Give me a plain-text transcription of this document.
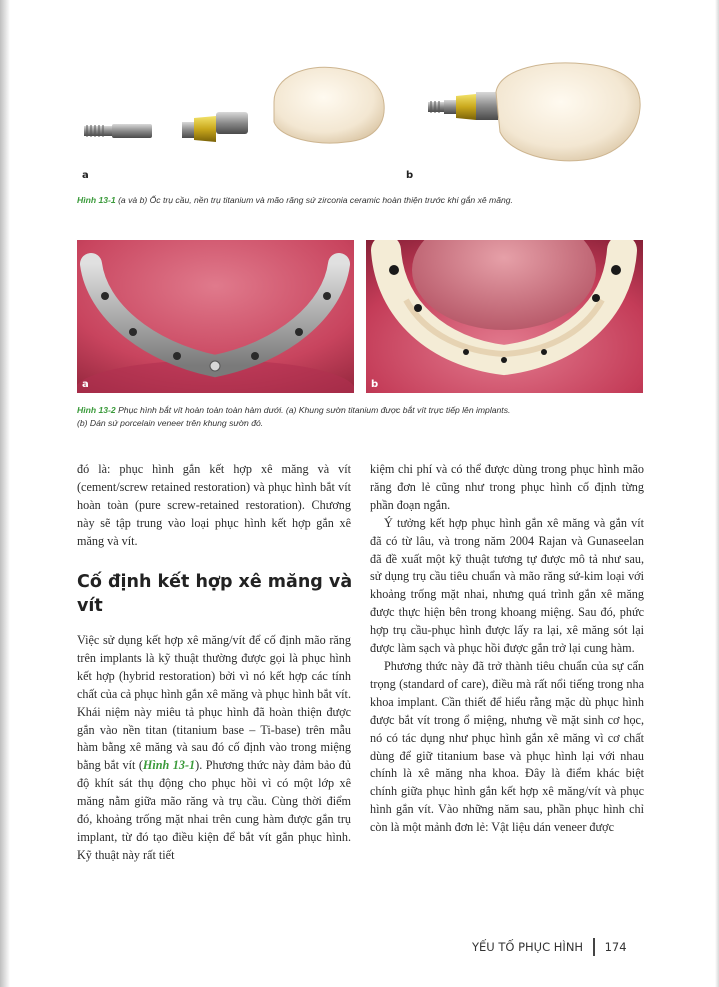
a	b
Hình 13-1 (a và b) Ốc trụ cầu, nền trụ titanium và mão răng sứ zirconia ceramic hoàn thiện trước khi gắn xê măng.
a	b
Hình 13-2 Phục hình bắt vít hoàn toàn toàn hàm dưới. (a) Khung sườn titanium được bắt vít trực tiếp lên implants.
(b) Dán sứ porcelain veneer trên khung sườn đó.

đó là: phục hình gắn kết hợp xê măng và vít (cement/screw retained restoration) và phục hình bắt vít hoàn toàn (pure screw-retained restoration). Chương này sẽ tập trung vào loại phục hình kết hợp gắn xê măng và vít.

Cố định kết hợp xê măng và vít

Việc sử dụng kết hợp xê măng/vít để cố định mão răng trên implants là kỹ thuật thường được gọi là phục hình kết hợp (hybrid restoration) bởi vì nó kết hợp các tính chất của cả phục hình gắn xê măng và phục hình bắt vít. Khái niệm này miêu tả phục hình đã hoàn thiện được gắn vào nền titan (titanium base – Ti-base) trên mẫu hàm bằng xê măng và sau đó cố định vào trong miệng bằng bắt vít (Hình 13-1). Phương thức này đảm bảo đủ độ khít sát thụ động cho phục hồi vì có một lớp xê măng nằm giữa mão răng và trụ cầu. Cùng thời điểm đó, khoảng trống mặt nhai trên cung hàm được gắn trụ implant, từ đó tạo điều kiện để bắt vít gắn phục hình. Kỹ thuật này rất tiết

kiệm chi phí và có thể được dùng trong phục hình mão răng đơn lẻ cũng như trong phục hình cố định từng phần đoạn ngắn.

Ý tưởng kết hợp phục hình gắn xê măng và gắn vít đã có từ lâu, và trong năm 2004 Rajan và Gunaseelan đã đề xuất một kỹ thuật tương tự được mô tả như sau, sử dụng trụ cầu tiêu chuẩn và mão răng sứ-kim loại với khoảng trống mặt nhai, nhưng quá trình gắn xê măng được thực hiện bên trong khoang miệng. Sau đó, phức hợp trụ cầu-phục hình được lấy ra lại, xê măng sót lại được làm sạch và phục hồi được gắn trở lại cung hàm.

Phương thức này đã trở thành tiêu chuẩn của sự cẩn trọng (standard of care), điều mà rất nổi tiếng trong nha khoa implant. Cần thiết để hiểu rằng mặc dù phục hình được bắt vít trong ổ miệng, nhưng về mặt sinh cơ học, nó có tác dụng như phục hình gắn xê măng vì cơ chất dùng để giữ titanium base và phục hình lại với nhau chính là xê măng nha khoa. Đây là điểm khác biệt chính giữa phục hình gắn kết hợp xê măng/vít và phục hình gắn vít. Vào những năm sau, phần phục hình chỉ còn là một mảnh đơn lẻ: Vật liệu dán veneer được

YẾU TỐ PHỤC HÌNH 174
